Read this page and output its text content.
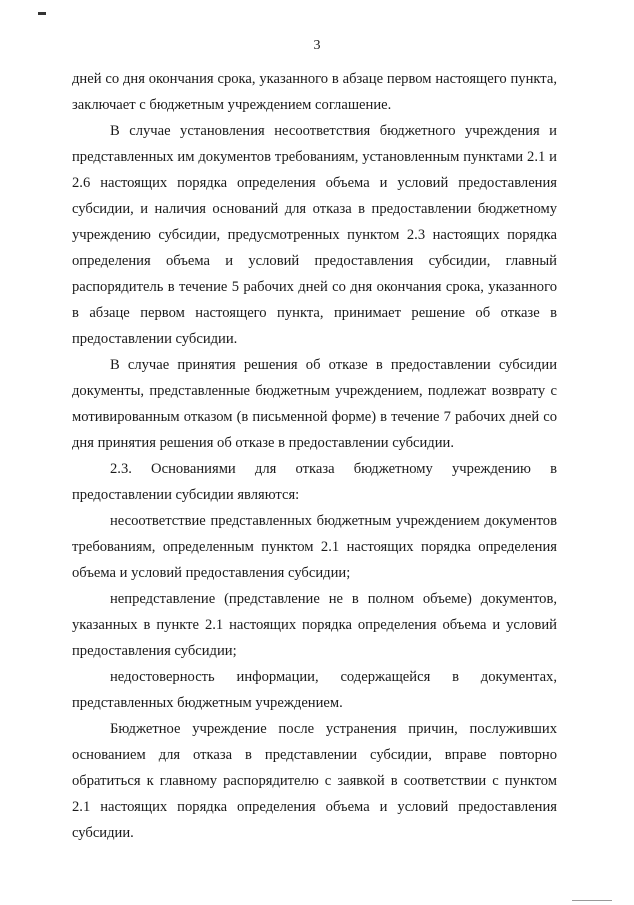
3

дней со дня окончания срока, указанного в абзаце первом настоящего пункта, заключает с бюджетным учреждением соглашение.

В случае установления несоответствия бюджетного учреждения и представленных им документов требованиям, установленным пунктами 2.1 и 2.6 настоящих порядка определения объема и условий предоставления субсидии, и наличия оснований для отказа в предоставлении бюджетному учреждению субсидии, предусмотренных пунктом 2.3 настоящих порядка определения объема и условий предоставления субсидии, главный распорядитель в течение 5 рабочих дней со дня окончания срока, указанного в абзаце первом настоящего пункта, принимает решение об отказе в предоставлении субсидии.

В случае принятия решения об отказе в предоставлении субсидии документы, представленные бюджетным учреждением, подлежат возврату с мотивированным отказом (в письменной форме) в течение 7 рабочих дней со дня принятия решения об отказе в предоставлении субсидии.

2.3. Основаниями для отказа бюджетному учреждению в предоставлении субсидии являются:

несоответствие представленных бюджетным учреждением документов требованиям, определенным пунктом 2.1 настоящих порядка определения объема и условий предоставления субсидии;

непредставление (представление не в полном объеме) документов, указанных в пункте 2.1 настоящих порядка определения объема и условий предоставления субсидии;

недостоверность информации, содержащейся в документах, представленных бюджетным учреждением.

Бюджетное учреждение после устранения причин, послуживших основанием для отказа в представлении субсидии, вправе повторно обратиться к главному распорядителю с заявкой в соответствии с пунктом 2.1 настоящих порядка определения объема и условий предоставления субсидии.
